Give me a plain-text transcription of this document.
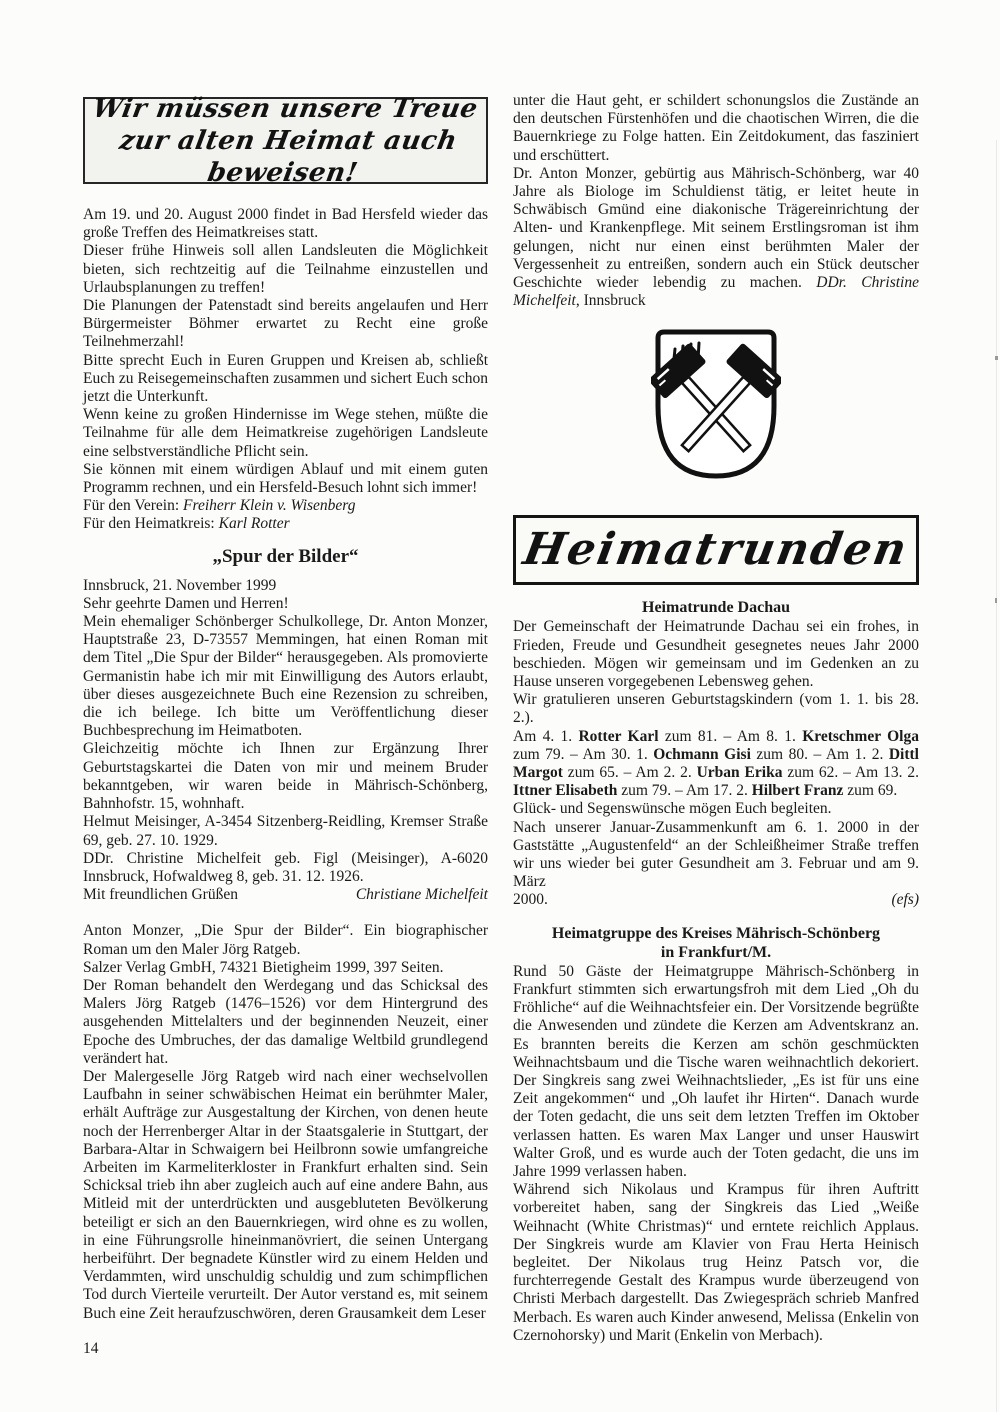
Wir müssen unsere Treue
zur alten Heimat auch beweisen!

Am 19. und 20. August 2000 findet in Bad Hersfeld wieder das große Treffen des Heimatkreises statt.

Dieser frühe Hinweis soll allen Landsleuten die Möglichkeit bieten, sich rechtzeitig auf die Teilnahme einzustellen und Urlaubsplanungen zu treffen!

Die Planungen der Patenstadt sind bereits angelaufen und Herr Bürgermeister Böhmer erwartet zu Recht eine große Teilnehmerzahl!

Bitte sprecht Euch in Euren Gruppen und Kreisen ab, schließt Euch zu Reisegemeinschaften zusammen und sichert Euch schon jetzt die Unterkunft.

Wenn keine zu großen Hindernisse im Wege stehen, müßte die Teilnahme für alle dem Heimatkreise zugehörigen Landsleute eine selbstverständliche Pflicht sein.

Sie können mit einem würdigen Ablauf und mit einem guten Programm rechnen, und ein Hersfeld-Besuch lohnt sich immer!

Für den Verein: Freiherr Klein v. Wisenberg

Für den Heimatkreis: Karl Rotter

„Spur der Bilder“

Innsbruck, 21. November 1999

Sehr geehrte Damen und Herren!

Mein ehemaliger Schönberger Schulkollege, Dr. Anton Monzer, Hauptstraße 23, D-73557 Memmingen, hat einen Roman mit dem Titel „Die Spur der Bilder“ herausgegeben. Als promovierte Germanistin habe ich mir mit Einwilligung des Autors erlaubt, über dieses ausgezeichnete Buch eine Rezension zu schreiben, die ich beilege. Ich bitte um Veröffentlichung dieser Buchbesprechung im Heimatboten.

Gleichzeitig möchte ich Ihnen zur Ergänzung Ihrer Geburtstagskartei die Daten von mir und meinem Bruder bekanntgeben, wir waren beide in Mährisch-Schönberg, Bahnhofstr. 15, wohnhaft.

Helmut Meisinger, A-3454 Sitzenberg-Reidling, Kremser Straße 69, geb. 27. 10. 1929.

DDr. Christine Michelfeit geb. Figl (Meisinger), A-6020 Innsbruck, Hofwaldweg 8, geb. 31. 12. 1926.

Mit freundlichen Grüßen	Christiane Michelfeit

Anton Monzer, „Die Spur der Bilder“. Ein biographischer Roman um den Maler Jörg Ratgeb.

Salzer Verlag GmbH, 74321 Bietigheim 1999, 397 Seiten.

Der Roman behandelt den Werdegang und das Schicksal des Malers Jörg Ratgeb (1476–1526) vor dem Hintergrund des ausgehenden Mittelalters und der beginnenden Neuzeit, einer Epoche des Umbruches, der das damalige Weltbild grundlegend verändert hat.

Der Malergeselle Jörg Ratgeb wird nach einer wechselvollen Laufbahn in seiner schwäbischen Heimat ein berühmter Maler, erhält Aufträge zur Ausgestaltung der Kirchen, von denen heute noch der Herrenberger Altar in der Staatsgalerie in Stuttgart, der Barbara-Altar in Schwaigern bei Heilbronn sowie umfangreiche Arbeiten im Karmeliterkloster in Frankfurt erhalten sind. Sein Schicksal trieb ihn aber zugleich auch auf eine andere Bahn, aus Mitleid mit der unterdrückten und ausgebluteten Bevölkerung beteiligt er sich an den Bauernkriegen, wird ohne es zu wollen, in eine Führungsrolle hineinmanövriert, die seinen Untergang herbeiführt. Der begnadete Künstler wird zu einem Helden und Verdammten, wird unschuldig schuldig und zum schimpflichen Tod durch Vierteile verurteilt. Der Autor verstand es, mit seinem Buch eine Zeit heraufzuschwören, deren Grausamkeit dem Leser

unter die Haut geht, er schildert schonungslos die Zustände an den deutschen Fürstenhöfen und die chaotischen Wirren, die die Bauernkriege zu Folge hatten. Ein Zeitdokument, das fasziniert und erschüttert.

Dr. Anton Monzer, gebürtig aus Mährisch-Schönberg, war 40 Jahre als Biologe im Schuldienst tätig, er leitet heute in Schwäbisch Gmünd eine diakonische Trägereinrichtung der Alten- und Krankenpflege. Mit seinem Erstlingsroman ist ihm gelungen, nicht nur einen einst berühmten Maler der Vergessenheit zu entreißen, sondern auch ein Stück deutscher Geschichte wieder lebendig zu machen. DDr. Christine Michelfeit, Innsbruck

Heimatrunden
Heimatrunde Dachau

Der Gemeinschaft der Heimatrunde Dachau sei ein frohes, in Frieden, Freude und Gesundheit gesegnetes neues Jahr 2000 beschieden. Mögen wir gemeinsam und im Gedenken an zu Hause unseren vorgegebenen Lebensweg gehen.

Wir gratulieren unseren Geburtstagskindern (vom 1. 1. bis 28. 2.).

Am 4. 1. Rotter Karl zum 81. – Am 8. 1. Kretschmer Olga zum 79. – Am 30. 1. Ochmann Gisi zum 80. – Am 1. 2. Dittl Margot zum 65. – Am 2. 2. Urban Erika zum 62. – Am 13. 2. Ittner Elisabeth zum 79. – Am 17. 2. Hilbert Franz zum 69.

Glück- und Segenswünsche mögen Euch begleiten.

Nach unserer Januar-Zusammenkunft am 6. 1. 2000 in der Gaststätte „Augustenfeld“ an der Schleißheimer Straße treffen wir uns wieder bei guter Gesundheit am 3. Februar und am 9. März

2000.	(efs)
Heimatgruppe des Kreises Mährisch-Schönberg
in Frankfurt/M.

Rund 50 Gäste der Heimatgruppe Mährisch-Schönberg in Frankfurt stimmten sich erwartungsfroh mit dem Lied „Oh du Fröhliche“ auf die Weihnachtsfeier ein. Der Vorsitzende begrüßte die Anwesenden und zündete die Kerzen am Adventskranz an. Es brannten bereits die Kerzen am schön geschmückten Weihnachtsbaum und die Tische waren weihnachtlich dekoriert. Der Singkreis sang zwei Weihnachtslieder, „Es ist für uns eine Zeit angekommen“ und „Oh laufet ihr Hirten“. Danach wurde der Toten gedacht, die uns seit dem letzten Treffen im Oktober verlassen hatten. Es waren Max Langer und unser Hauswirt Walter Groß, und es wurde auch der Toten gedacht, die uns im Jahre 1999 verlassen haben.

Während sich Nikolaus und Krampus für ihren Auftritt vorbereitet haben, sang der Singkreis das Lied „Weiße Weihnacht (White Christmas)“ und erntete reichlich Applaus. Der Singkreis wurde am Klavier von Frau Herta Heinisch begleitet. Der Nikolaus trug Heinz Patsch vor, die furchterregende Gestalt des Krampus wurde überzeugend von Christi Merbach dargestellt. Das Zwiegespräch schrieb Manfred Merbach. Es waren auch Kinder anwesend, Melissa (Enkelin von Czernohorsky) und Marit (Enkelin von Merbach).

14
